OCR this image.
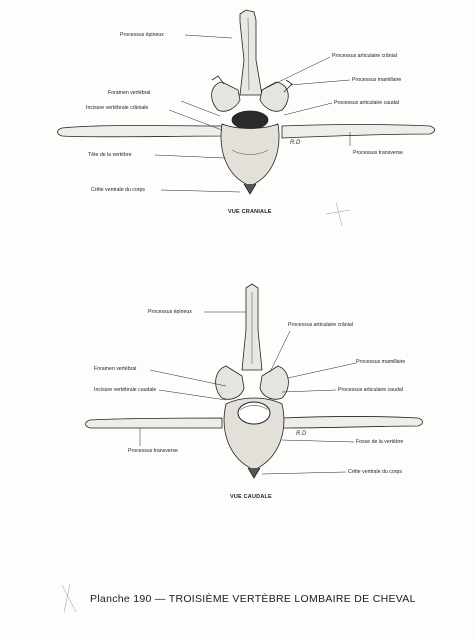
Processus épineux
Foramen vertébral
Incisure vertébrale crâniale
Tête de la vertèbre
Crête ventrale du corps
Processus articulaire crânial
Processus mamillaire
Processus articulaire caudal
Processus transverse
R.D
VUE CRANIALE
Processus épineux
Foramen vertébral
Incisure vertébrale caudale
Processus transverse
Processus articulaire crânial
Processus mamillaire
Processus articulaire caudal
Fosse de la vertèbre
Crête ventrale du corps
R.D
VUE CAUDALE
Planche 190 — TROISIÈME VERTÈBRE LOMBAIRE DE CHEVAL
